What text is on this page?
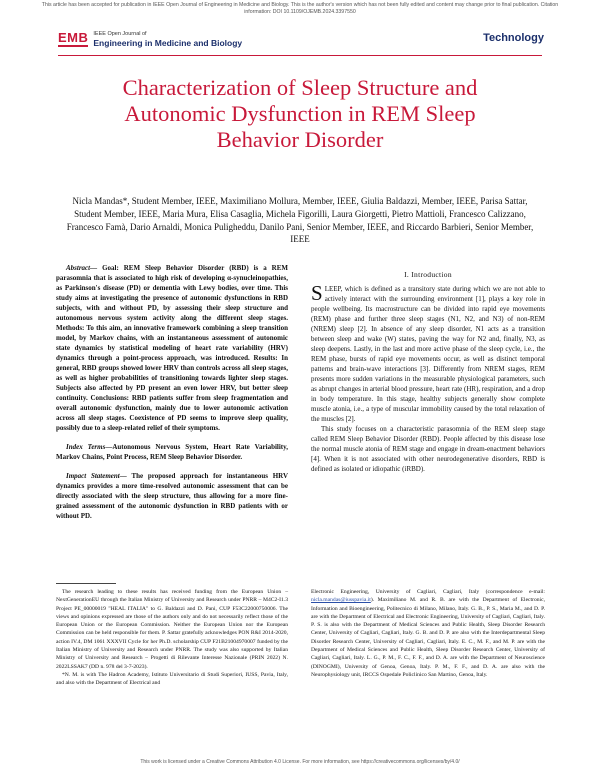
This article has been accepted for publication in IEEE Open Journal of Engineering in Medicine and Biology. This is the author's version which has not been fully edited and content may change prior to final publication. Citation information: DOI 10.1109/OJEMB.2024.3397550
EMB IEEE Open Journal of
Engineering in Medicine and Biology	Technology
Characterization of Sleep Structure and Autonomic Dysfunction in REM Sleep Behavior Disorder
Nicla Mandas*, Student Member, IEEE, Maximiliano Mollura, Member, IEEE, Giulia Baldazzi, Member, IEEE, Parisa Sattar, Student Member, IEEE, Maria Mura, Elisa Casaglia, Michela Figorilli, Laura Giorgetti, Pietro Mattioli, Francesco Calizzano, Francesco Famà, Dario Arnaldi, Monica Puligheddu, Danilo Pani, Senior Member, IEEE, and Riccardo Barbieri, Senior Member, IEEE

Abstract— Goal: REM Sleep Behavior Disorder (RBD) is a REM parasomnia that is associated to high risk of developing α-synucleinopathies, as Parkinson's disease (PD) or dementia with Lewy bodies, over time. This study aims at investigating the presence of autonomic dysfunctions in RBD subjects, with and without PD, by assessing their sleep structure and autonomous nervous system activity along the different sleep stages. Methods: To this aim, an innovative framework combining a sleep transition model, by Markov chains, with an instantaneous assessment of autonomic state dynamics by statistical modeling of heart rate variability (HRV) dynamics through a point-process approach, was introduced. Results: In general, RBD groups showed lower HRV than controls across all sleep stages, as well as higher probabilities of transitioning towards lighter sleep stages. Subjects also affected by PD present an even lower HRV, but better sleep continuity. Conclusions: RBD patients suffer from sleep fragmentation and overall autonomic dysfunction, mainly due to lower autonomic activation across all sleep stages. Coexistence of PD seems to improve sleep quality, possibly due to a sleep-related relief of their symptoms.

Index Terms—Autonomous Nervous System, Heart Rate Variability, Markov Chains, Point Process, REM Sleep Behavior Disorder.

Impact Statement— The proposed approach for instantaneous HRV dynamics provides a more time-resolved autonomic assessment that can be directly associated with the sleep structure, thus allowing for a more fine-grained assessment of the autonomic dysfunction in RBD patients with or without PD.

I. Introduction

SLEEP, which is defined as a transitory state during which we are not able to actively interact with the surrounding environment [1], plays a key role in people wellbeing. Its macrostructure can be divided into rapid eye movements (REM) phase and further three sleep stages (N1, N2, and N3) of non-REM (NREM) sleep [2]. In absence of any sleep disorder, N1 acts as a transition between sleep and wake (W) states, paving the way for N2 and, finally, N3, as sleep deepens. Lastly, in the last and more active phase of the sleep cycle, i.e., the REM phase, bursts of rapid eye movements occur, as well as distinct temporal patterns and brain-wave interactions [3]. Differently from NREM stages, REM presents more sudden variations in the measurable physiological parameters, such as abrupt changes in arterial blood pressure, heart rate (HR), respiration, and a drop in body temperature. In this stage, healthy subjects generally show complete muscle atonia, i.e., a type of muscular immobility caused by the total relaxation of the muscles [2].

This study focuses on a characteristic parasomnia of the REM sleep stage called REM Sleep Behavior Disorder (RBD). People affected by this disease lose the normal muscle atonia of REM stage and engage in dream-enactment behaviors [4]. When it is not associated with other neurodegenerative disorders, RBD is defined as isolated or idiopathic (iRBD).

The research leading to these results has received funding from the European Union – NextGenerationEU through the Italian Ministry of University and Research under PNRR – M4C2-I1.3 Project PE_00000019 "HEAL ITALIA" to G. Baldazzi and D. Pani, CUP F53C22000750006. The views and opinions expressed are those of the authors only and do not necessarily reflect those of the European Union or the European Commission. Neither the European Union nor the European Commission can be held responsible for them. P. Sattar gratefully acknowledges PON R&I 2014-2020, action IV.4, DM 1061 XXXVII Cycle for her Ph.D. scholarship CUP F21B21004970007 funded by the Italian Ministry of University and Research under PNRR. The study was also supported by Italian Ministry of University and Research – Progetti di Rilevante Interesse Nazionale (PRIN 2022) N. 2022LSSAK7 (DD n. 978 del 3-7-2023).

*N. M. is with The Hadron Academy, Istituto Universitario di Studi Superiori, IUSS, Pavia, Italy, and also with the Department of Electrical and

Electronic Engineering, University of Cagliari, Cagliari, Italy (correspondence e-mail: nicla.mandas@iusspavia.it). Maximiliano M. and R. B. are with the Department of Electronic, Information and Bioengineering, Politecnico di Milano, Milano, Italy. G. B., P. S., Maria M., and D. P. are with the Department of Electrical and Electronic Engineering, University of Cagliari, Cagliari, Italy. P. S. is also with the Department of Medical Sciences and Public Health, Sleep Disorder Research Center, University of Cagliari, Cagliari, Italy. G. B. and D. P. are also with the Interdepartmental Sleep Disorder Research Center, University of Cagliari, Cagliari, Italy. E. C., M. F., and M. P. are with the Department of Medical Sciences and Public Health, Sleep Disorder Research Center, University of Cagliari, Cagliari, Italy. L. G., P. M., F. C., F. F., and D. A. are with the Department of Neuroscience (DINOGMI), University of Genoa, Genoa, Italy. P. M., F. F., and D. A. are also with the Neurophysiology unit, IRCCS Ospedale Policlinico San Martino, Genoa, Italy.

This work is licensed under a Creative Commons Attribution 4.0 License. For more information, see https://creativecommons.org/licenses/by/4.0/
